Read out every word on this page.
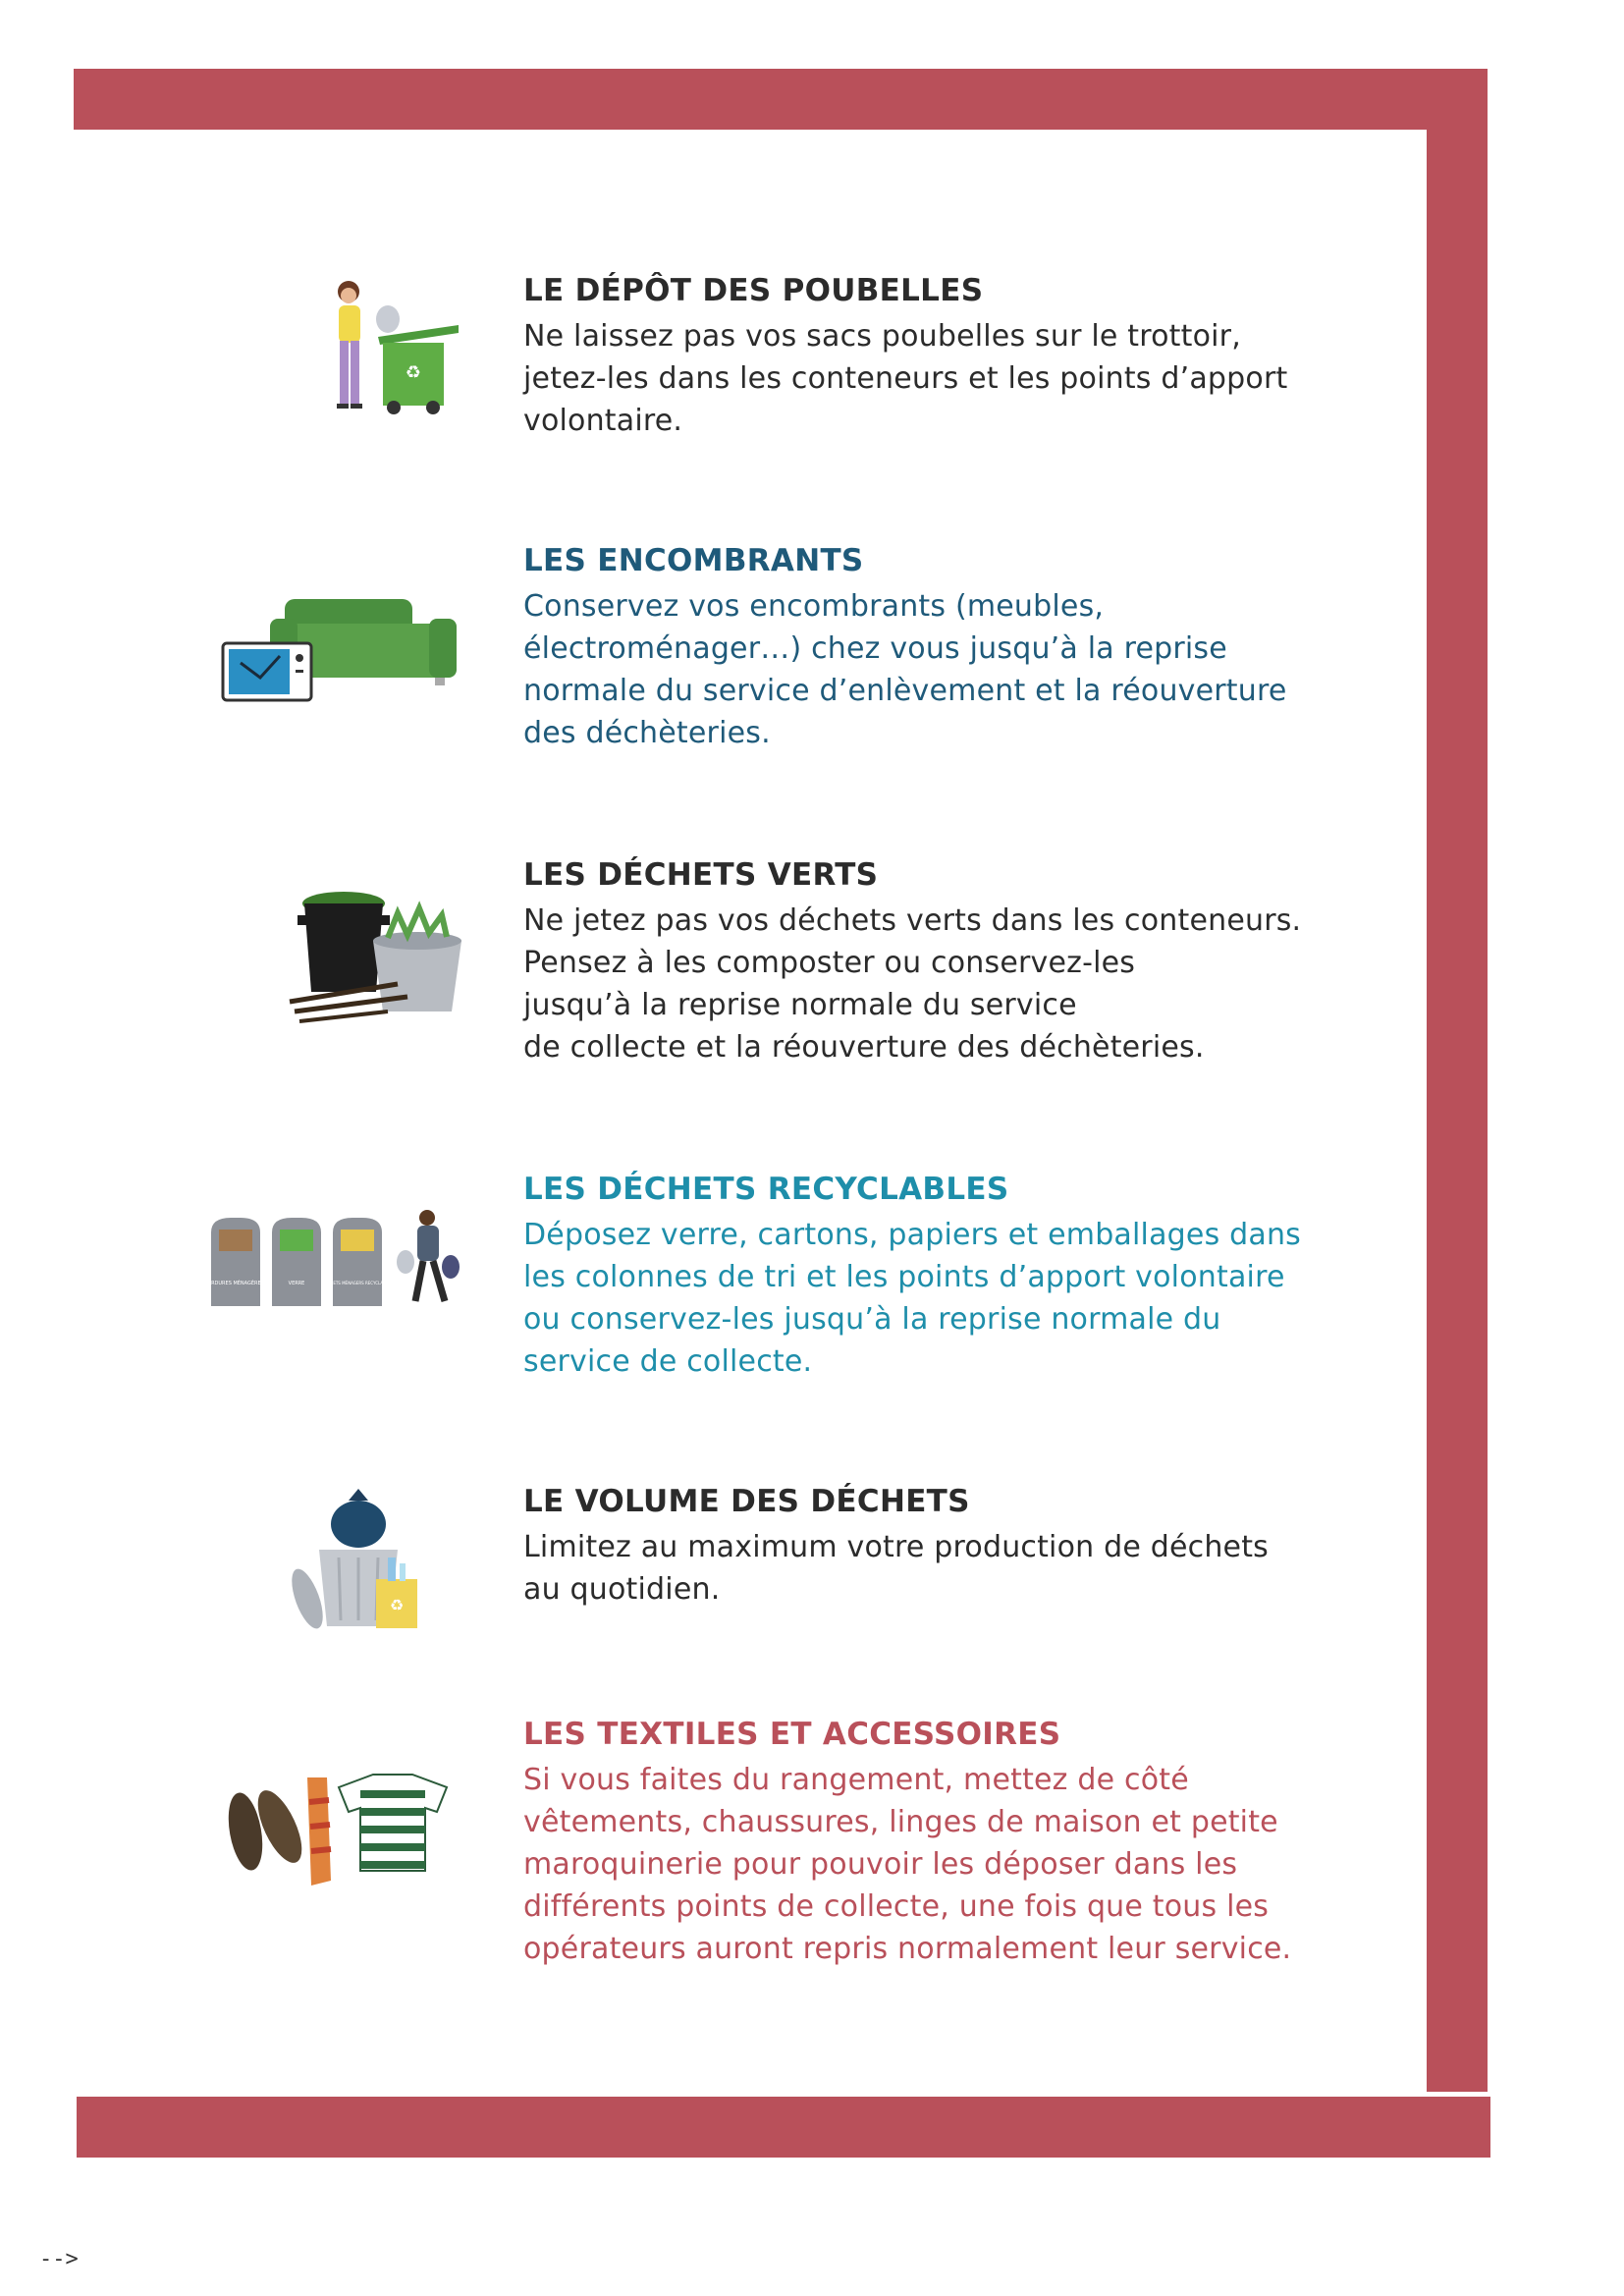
♻

LE DÉPÔT DES POUBELLES

Ne laissez pas vos sacs poubelles sur le trottoir,

jetez-les dans les conteneurs et les points d’apport

volontaire.

LES ENCOMBRANTS

Conservez vos encombrants (meubles,

électroménager…) chez vous jusqu’à la reprise

normale du service d’enlèvement et la réouverture

des déchèteries.

LES DÉCHETS VERTS

Ne jetez pas vos déchets verts dans les conteneurs.

Pensez à les composter ou conservez-les

jusqu’à la reprise normale du service

de collecte et la réouverture des déchèteries.

ORDURES MÉNAGÈRES	VERRE	DÉCHETS MÉNAGERS RECYCLABLES

LES DÉCHETS RECYCLABLES

Déposez verre, cartons, papiers et emballages dans

les colonnes de tri et les points d’apport volontaire

ou conservez-les jusqu’à la reprise normale du

service de collecte.

♻

LE VOLUME DES DÉCHETS

Limitez au maximum votre production de déchets

au quotidien.

LES TEXTILES ET ACCESSOIRES

Si vous faites du rangement, mettez de côté

vêtements, chaussures, linges de maison et petite

maroquinerie pour pouvoir les déposer dans les

différents points de collecte, une fois que tous les

opérateurs auront repris normalement leur service.

-->
